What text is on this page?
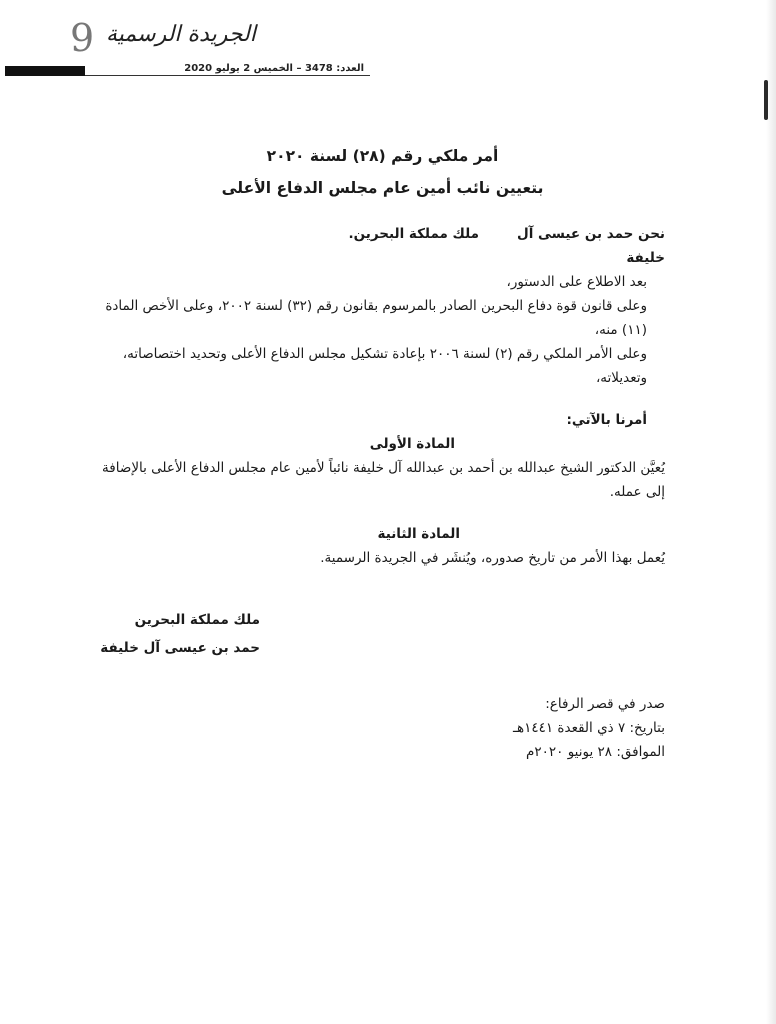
9 الجريدة الرسمية
العدد: 3478 – الخميس 2 يوليو 2020

أمر ملكي رقم (٢٨) لسنة ٢٠٢٠

بتعيين نائب أمين عام مجلس الدفاع الأعلى

نحن حمد بن عيسى آل خليفة
ملك مملكة البحرين.

بعد الاطلاع على الدستور،

وعلى قانون قوة دفاع البحرين الصادر بالمرسوم بقانون رقم (٣٢) لسنة ٢٠٠٢، وعلى الأخص المادة (١١) منه،

وعلى الأمر الملكي رقم (٢) لسنة ٢٠٠٦ بإعادة تشكيل مجلس الدفاع الأعلى وتحديد اختصاصاته، وتعديلاته،

أمرنا بالآتي:
المادة الأولى

يُعيَّن الدكتور الشيخ عبدالله بن أحمد بن عبدالله آل خليفة نائباً لأمين عام مجلس الدفاع الأعلى بالإضافة إلى عمله.

المادة الثانية

يُعمل بهذا الأمر من تاريخ صدوره، ويُنشَر في الجريدة الرسمية.

ملك مملكة البحرين
حمد بن عيسى آل خليفة
صدر في قصر الرفاع:
بتاريخ: ٧ ذي القعدة ١٤٤١هـ
الموافق: ٢٨ يونيو ٢٠٢٠م
